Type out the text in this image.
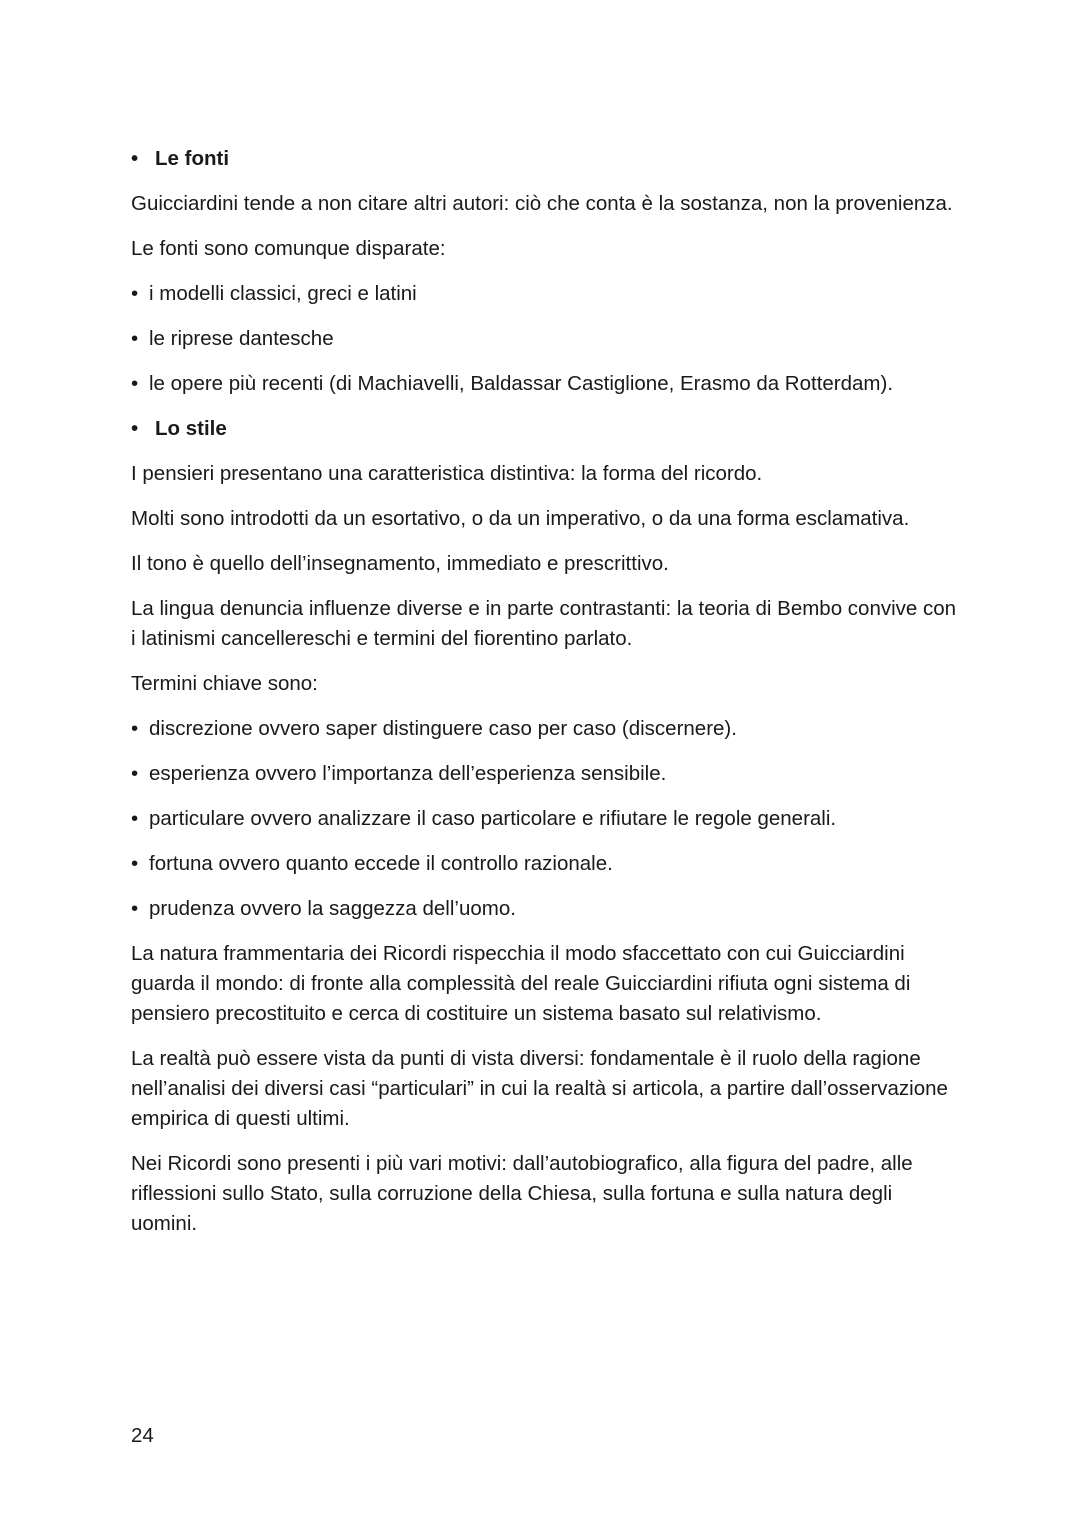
• Le fonti

Guicciardini tende a non citare altri autori: ciò che conta è la sostanza, non la provenienza.

Le fonti sono comunque disparate:

• i modelli classici, greci e latini
• le riprese dantesche
• le opere più recenti (di Machiavelli, Baldassar Castiglione, Erasmo da Rotterdam).
• Lo stile

I pensieri presentano una caratteristica distintiva: la forma del ricordo.

Molti sono introdotti da un esortativo, o da un imperativo, o da una forma esclamativa.

Il tono è quello dell’insegnamento, immediato e prescrittivo.

La lingua denuncia influenze diverse e in parte contrastanti: la teoria di Bembo convive con i latinismi cancellereschi e termini del fiorentino parlato.

Termini chiave sono:

• discrezione ovvero saper distinguere caso per caso (discernere).
• esperienza ovvero l’importanza dell’esperienza sensibile.
• particulare ovvero analizzare il caso particolare e rifiutare le regole generali.
• fortuna ovvero quanto eccede il controllo razionale.
• prudenza ovvero la saggezza dell’uomo.

La natura frammentaria dei Ricordi rispecchia il modo sfaccettato con cui Guicciardini guarda il mondo: di fronte alla complessità del reale Guicciardini rifiuta ogni sistema di pensiero precostituito e cerca di costituire un sistema basato sul relativismo.

La realtà può essere vista da punti di vista diversi: fondamentale è il ruolo della ragione nell’analisi dei diversi casi “particulari” in cui la realtà si articola, a partire dall’osservazione empirica di questi ultimi.

Nei Ricordi sono presenti i più vari motivi: dall’autobiografico, alla figura del padre, alle riflessioni sullo Stato, sulla corruzione della Chiesa, sulla fortuna e sulla natura degli uomini.

24
